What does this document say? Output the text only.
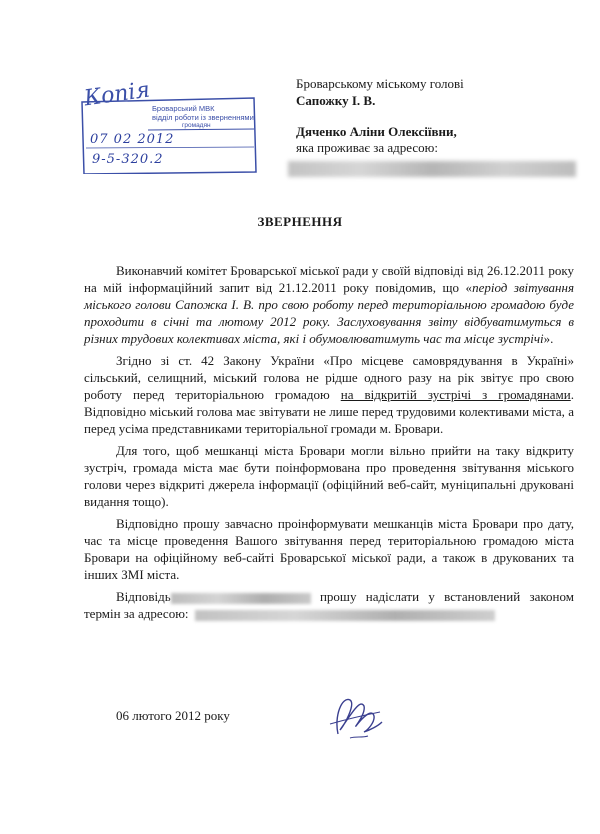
Копія Броварський МВК
відділ роботи із зверненнями
громадян
07 02 2012
9-5-320.2
Броварському міському голові
Сапожку І. В.
Дяченко Аліни Олексіївни,
яка проживає за адресою:
ЗВЕРНЕННЯ

Виконавчий комітет Броварської міської ради у своїй відповіді від 26.12.2011 року на мій інформаційний запит від 21.12.2011 року повідомив, що «період звітування міського голови Сапожка І. В. про свою роботу перед територіальною громадою буде проходити в січні та лютому 2012 року. Заслуховування звіту відбуватимуться в різних трудових колективах міста, які і обумовлюватимуть час та місце зустрічі».

Згідно зі ст. 42 Закону України «Про місцеве самоврядування в Україні» сільський, селищний, міський голова не рідше одного разу на рік звітує про свою роботу перед територіальною громадою на відкритій зустрічі з громадянами. Відповідно міський голова має звітувати не лише перед трудовими колективами міста, а перед усіма представниками територіальної громади м. Бровари.

Для того, щоб мешканці міста Бровари могли вільно прийти на таку відкриту зустріч, громада міста має бути поінформована про проведення звітування міського голови через відкриті джерела інформації (офіційний веб-сайт, муніципальні друковані видання тощо).

Відповідно прошу завчасно проінформувати мешканців міста Бровари про дату, час та місце проведення Вашого звітування перед територіальною громадою міста Бровари на офіційному веб-сайті Броварської міської ради, а також в друкованих та інших ЗМІ міста.

Відповідь	прошу надіслати у встановлений законом термін за адресою:

06 лютого 2012 року
